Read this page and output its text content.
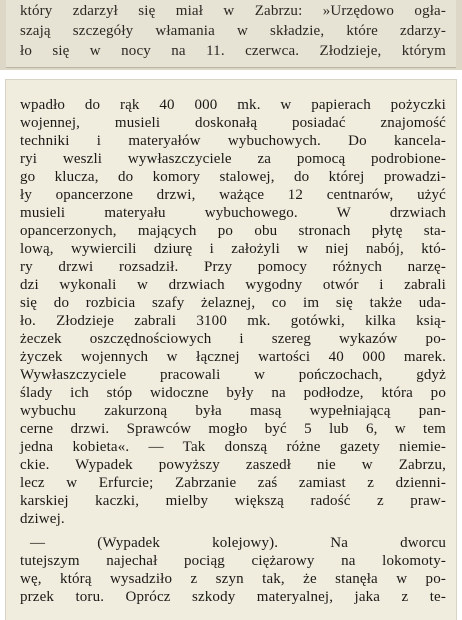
który zdarzył się miał w Zabrzu: »Urzędowo ogła-
szają szczegóły włamania w składzie, które zdarzy-
ło się w nocy na 11. czerwca. Złodzieje, którym
wpadło do rąk 40 000 mk. w papierach pożyczki
wojennej, musieli doskonałą posiadać znajomość
techniki i materyałów wybuchowych. Do kancela-
ryi weszli wywłaszczyciele za pomocą podrobione-
go klucza, do komory stalowej, do której prowadzi-
ły opancerzone drzwi, ważące 12 centnarów, użyć
musieli materyału wybuchowego. W drzwiach
opancerzonych, mających po obu stronach płytę sta-
lową, wywiercili dziurę i założyli w niej nabój, któ-
ry drzwi rozsadził. Przy pomocy różnych narzę-
dzi wykonali w drzwiach wygodny otwór i zabrali
się do rozbicia szafy żelaznej, co im się także uda-
ło. Złodzieje zabrali 3100 mk. gotówki, kilka ksią-
żeczek oszczędnościowych i szereg wykazów po-
życzek wojennych w łącznej wartości 40 000 marek.
Wywłaszczyciele pracowali w pończochach, gdyż
ślady ich stóp widoczne były na podłodze, która po
wybuchu zakurzoną była masą wypełniającą pan-
cerne drzwi. Sprawców mogło być 5 lub 6, w tem
jedna kobieta«. — Tak donszą różne gazety niemie-
ckie. Wypadek powyższy zaszedł nie w Zabrzu,
lecz w Erfurcie; Zabrzanie zaś zamiast z dzienni-
karskiej kaczki, mielby większą radość z praw-
dziwej.
— (Wypadek kolejowy). Na dworcu
tutejszym najechał pociąg ciężarowy na lokomoty-
wę, którą wysadziło z szyn tak, że stanęła w po-
przek toru. Oprócz szkody materyalnej, jaka z te-
